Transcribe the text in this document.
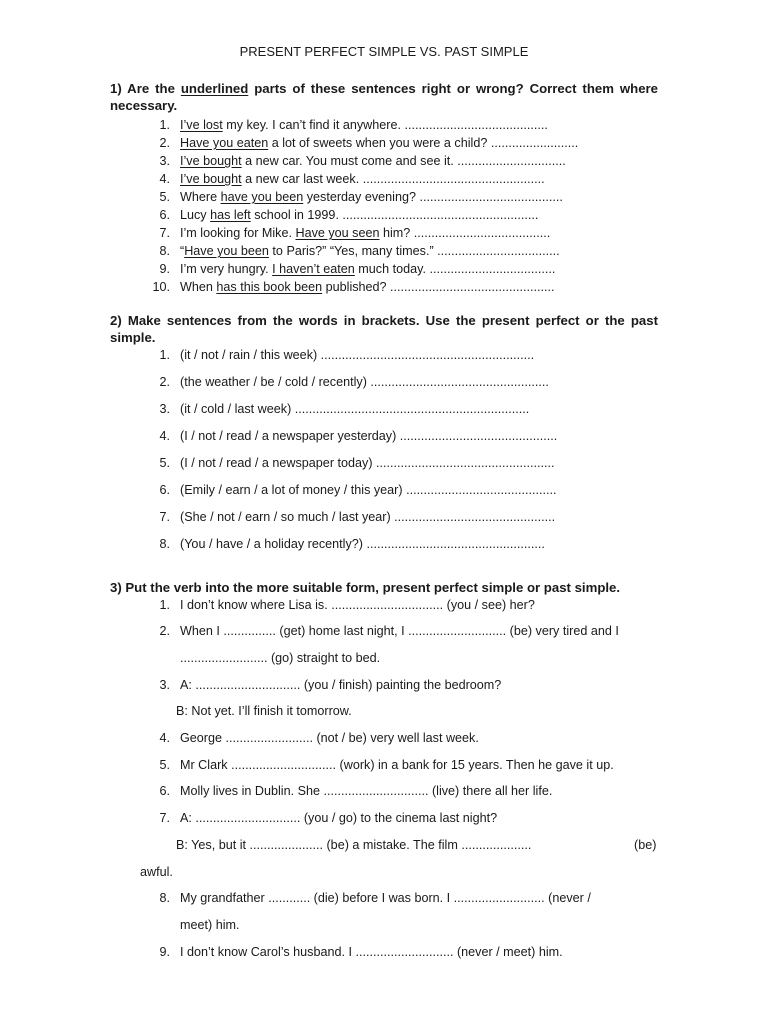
PRESENT PERFECT SIMPLE VS. PAST SIMPLE
1) Are the underlined parts of these sentences right or wrong? Correct them where necessary.
1. I’ve lost my key. I can’t find it anywhere. .........................................
2. Have you eaten a lot of sweets when you were a child? .........................
3. I’ve bought a new car. You must come and see it. ...............................
4. I’ve bought a new car last week. ....................................................
5. Where have you been yesterday evening? .........................................
6. Lucy has left school in 1999. ........................................................
7. I’m looking for Mike. Have you seen him? .......................................
8. “Have you been to Paris?” “Yes, many times.” ...................................
9. I’m very hungry. I haven’t eaten much today. ....................................
10. When has this book been published? ...............................................
2) Make sentences from the words in brackets. Use the present perfect or the past simple.
1. (it / not / rain / this week) .............................................................
2. (the weather / be / cold / recently) ...................................................
3. (it / cold / last week) ...................................................................
4. (I / not / read / a newspaper yesterday) .............................................
5. (I / not / read / a newspaper today) ...................................................
6. (Emily / earn / a lot of money / this year) ...........................................
7. (She / not / earn / so much / last year) ..............................................
8. (You / have / a holiday recently?) ...................................................
3) Put the verb into the more suitable form, present perfect simple or past simple.
1. I don’t know where Lisa is. ................................ (you / see) her?
2. When I ............... (get) home last night, I ............................ (be) very tired and I
......................... (go) straight to bed.
3. A: .............................. (you / finish) painting the bedroom?
B: Not yet. I’ll finish it tomorrow.
4. George ......................... (not / be) very well last week.
5. Mr Clark .............................. (work) in a bank for 15 years. Then he gave it up.
6. Molly lives in Dublin. She .............................. (live) there all her life.
7. A: .............................. (you / go) to the cinema last night?
B: Yes, but it ..................... (be) a mistake. The film ....................	(be)
awful.
8. My grandfather ............ (die) before I was born. I .......................... (never /
meet) him.
9. I don’t know Carol’s husband. I ............................ (never / meet) him.
